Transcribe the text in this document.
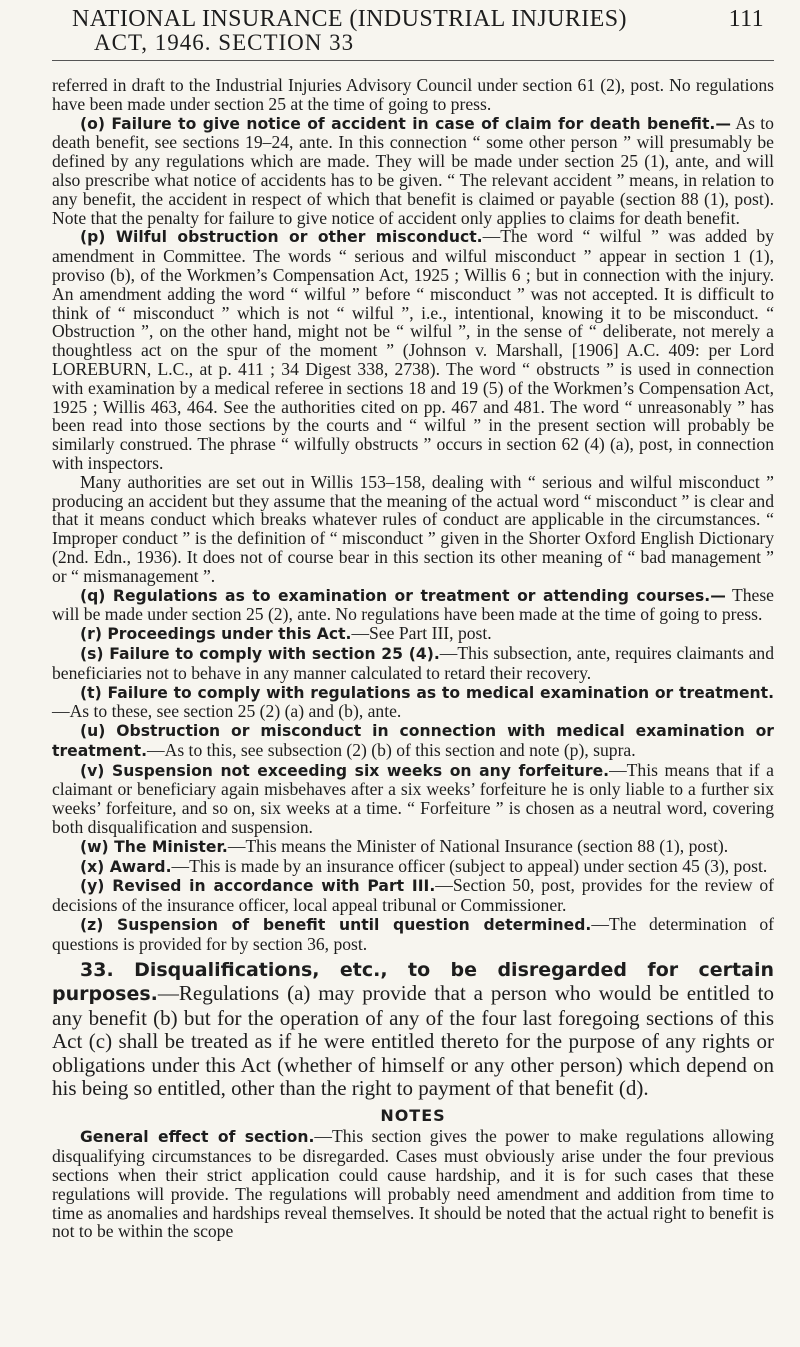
NATIONAL INSURANCE (INDUSTRIAL INJURIES)	111
ACT, 1946. SECTION 33

referred in draft to the Industrial Injuries Advisory Council under section 61 (2), post. No regulations have been made under section 25 at the time of going to press.

(o) Failure to give notice of accident in case of claim for death benefit.— As to death benefit, see sections 19–24, ante. In this connection “ some other person ” will presumably be defined by any regulations which are made. They will be made under section 25 (1), ante, and will also prescribe what notice of accidents has to be given. “ The relevant accident ” means, in relation to any benefit, the accident in respect of which that benefit is claimed or payable (section 88 (1), post). Note that the penalty for failure to give notice of accident only applies to claims for death benefit.

(p) Wilful obstruction or other misconduct.—The word “ wilful ” was added by amendment in Committee. The words “ serious and wilful misconduct ” appear in section 1 (1), proviso (b), of the Workmen’s Compensation Act, 1925 ; Willis 6 ; but in connection with the injury. An amendment adding the word “ wilful ” before “ misconduct ” was not accepted. It is difficult to think of “ misconduct ” which is not “ wilful ”, i.e., intentional, knowing it to be misconduct. “ Obstruction ”, on the other hand, might not be “ wilful ”, in the sense of “ deliberate, not merely a thoughtless act on the spur of the moment ” (Johnson v. Marshall, [1906] A.C. 409: per Lord LOREBURN, L.C., at p. 411 ; 34 Digest 338, 2738). The word “ obstructs ” is used in connection with examination by a medical referee in sections 18 and 19 (5) of the Workmen’s Compensation Act, 1925 ; Willis 463, 464. See the authorities cited on pp. 467 and 481. The word “ unreasonably ” has been read into those sections by the courts and “ wilful ” in the present section will probably be similarly construed. The phrase “ wilfully obstructs ” occurs in section 62 (4) (a), post, in connection with inspectors.

Many authorities are set out in Willis 153–158, dealing with “ serious and wilful misconduct ” producing an accident but they assume that the meaning of the actual word “ misconduct ” is clear and that it means conduct which breaks whatever rules of conduct are applicable in the circumstances. “ Improper conduct ” is the definition of “ misconduct ” given in the Shorter Oxford English Dictionary (2nd. Edn., 1936). It does not of course bear in this section its other meaning of “ bad management ” or “ mismanagement ”.

(q) Regulations as to examination or treatment or attending courses.— These will be made under section 25 (2), ante. No regulations have been made at the time of going to press.

(r) Proceedings under this Act.—See Part III, post.

(s) Failure to comply with section 25 (4).—This subsection, ante, requires claimants and beneficiaries not to behave in any manner calculated to retard their recovery.

(t) Failure to comply with regulations as to medical examination or treatment.—As to these, see section 25 (2) (a) and (b), ante.

(u) Obstruction or misconduct in connection with medical examination or treatment.—As to this, see subsection (2) (b) of this section and note (p), supra.

(v) Suspension not exceeding six weeks on any forfeiture.—This means that if a claimant or beneficiary again misbehaves after a six weeks’ forfeiture he is only liable to a further six weeks’ forfeiture, and so on, six weeks at a time. “ Forfeiture ” is chosen as a neutral word, covering both disqualification and suspension.

(w) The Minister.—This means the Minister of National Insurance (section 88 (1), post).

(x) Award.—This is made by an insurance officer (subject to appeal) under section 45 (3), post.

(y) Revised in accordance with Part III.—Section 50, post, provides for the review of decisions of the insurance officer, local appeal tribunal or Commissioner.

(z) Suspension of benefit until question determined.—The determination of questions is provided for by section 36, post.

33. Disqualifications, etc., to be disregarded for certain purposes.—Regulations (a) may provide that a person who would be entitled to any benefit (b) but for the operation of any of the four last foregoing sections of this Act (c) shall be treated as if he were entitled thereto for the purpose of any rights or obligations under this Act (whether of himself or any other person) which depend on his being so entitled, other than the right to payment of that benefit (d).

NOTES

General effect of section.—This section gives the power to make regulations allowing disqualifying circumstances to be disregarded. Cases must obviously arise under the four previous sections when their strict application could cause hardship, and it is for such cases that these regulations will provide. The regulations will probably need amendment and addition from time to time as anomalies and hardships reveal themselves. It should be noted that the actual right to benefit is not to be within the scope
